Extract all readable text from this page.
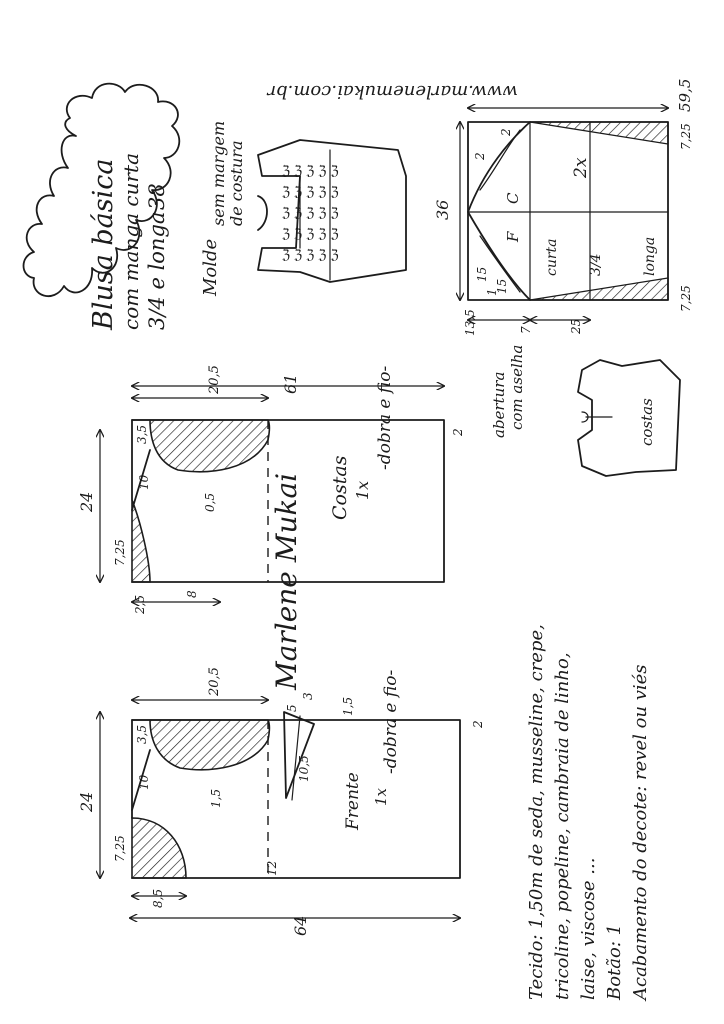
Blusa básica com manga curta 3/4 e longa
38
Molde
sem margem de costura	ℨ ℨ ℨ ℨ ℨ
ℨ ℨ ℨ ℨ ℨ
ℨ ℨ ℨ ℨ ℨ
ℨ ℨ ℨ ℨ ℨ
ℨ ℨ ℨ ℨ ℨ
www.marlenemukai.com.br
36
59,5
C
F
2x
curta 3/4	longa
7,25
7,25
2
2
15
1
15
13,5	7	25
abertura com aselha	costas
Costas 1x
-dobra e fio-
61
24
20,5
3,5
10
7,25
2,5
8
0,5
2
Marlene Mukai
Frente 1x
-dobra e fio-
64
24
20,5
3,5
10
7,25
8,5
1,5
5
3
1,5
10,5
2
12	Tecido: 1,50m de seda, musseline, crepe, tricoline, popeline, cambraia de linho, laise, viscose ... Botão: 1 Acabamento do decote: revel ou viés
